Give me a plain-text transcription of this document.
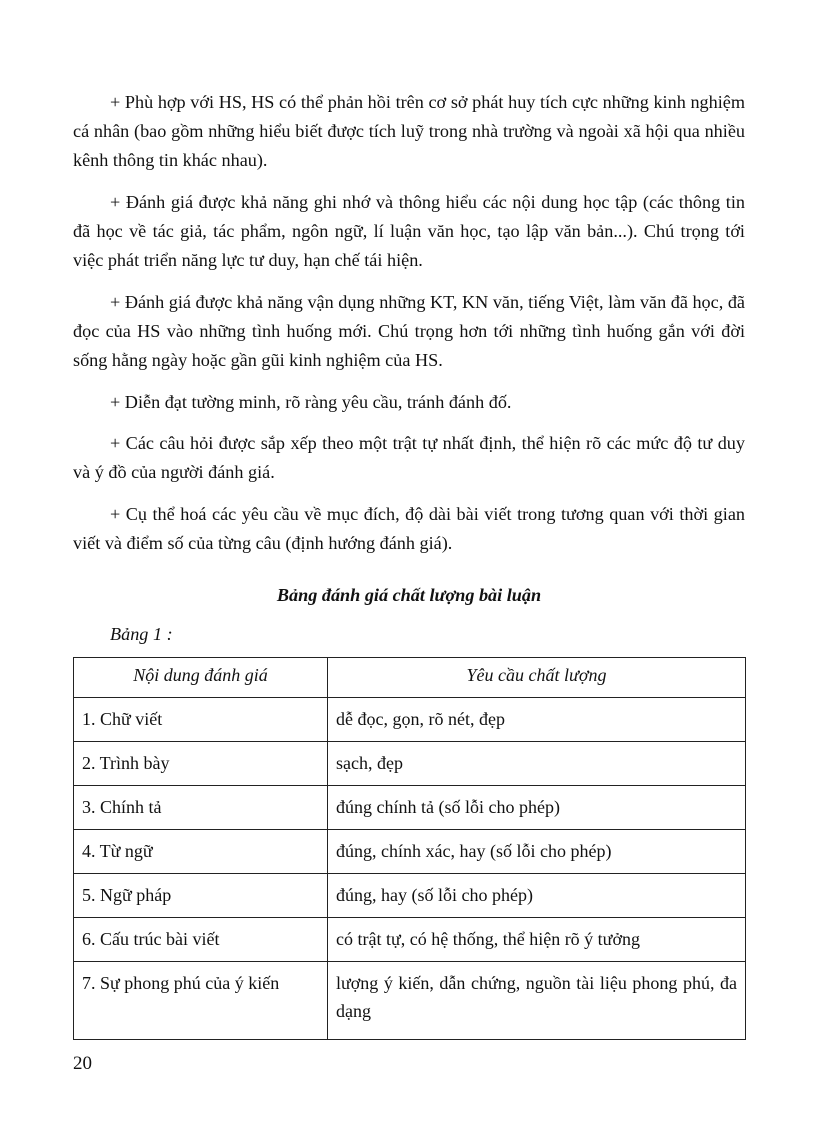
+ Phù hợp với HS, HS có thể phản hồi trên cơ sở phát huy tích cực những kinh nghiệm cá nhân (bao gồm những hiểu biết được tích luỹ trong nhà trường và ngoài xã hội qua nhiều kênh thông tin khác nhau).

+ Đánh giá được khả năng ghi nhớ và thông hiểu các nội dung học tập (các thông tin đã học về tác giả, tác phẩm, ngôn ngữ, lí luận văn học, tạo lập văn bản...). Chú trọng tới việc phát triển năng lực tư duy, hạn chế tái hiện.

+ Đánh giá được khả năng vận dụng những KT, KN văn, tiếng Việt, làm văn đã học, đã đọc của HS vào những tình huống mới. Chú trọng hơn tới những tình huống gắn với đời sống hằng ngày hoặc gần gũi kinh nghiệm của HS.

+ Diễn đạt tường minh, rõ ràng yêu cầu, tránh đánh đố.

+ Các câu hỏi được sắp xếp theo một trật tự nhất định, thể hiện rõ các mức độ tư duy và ý đồ của người đánh giá.

+ Cụ thể hoá các yêu cầu về mục đích, độ dài bài viết trong tương quan với thời gian viết và điểm số của từng câu (định hướng đánh giá).

Bảng đánh giá chất lượng bài luận
Bảng 1 :
Nội dung đánh giá	Yêu cầu chất lượng
1. Chữ viết	dễ đọc, gọn, rõ nét, đẹp
2. Trình bày	sạch, đẹp
3. Chính tả	đúng chính tả (số lỗi cho phép)
4. Từ ngữ	đúng, chính xác, hay (số lỗi cho phép)
5. Ngữ pháp	đúng, hay (số lỗi cho phép)
6. Cấu trúc bài viết	có trật tự, có hệ thống, thể hiện rõ ý tưởng
7. Sự phong phú của ý kiến	lượng ý kiến, dẫn chứng, nguồn tài liệu phong phú, đa dạng
20
